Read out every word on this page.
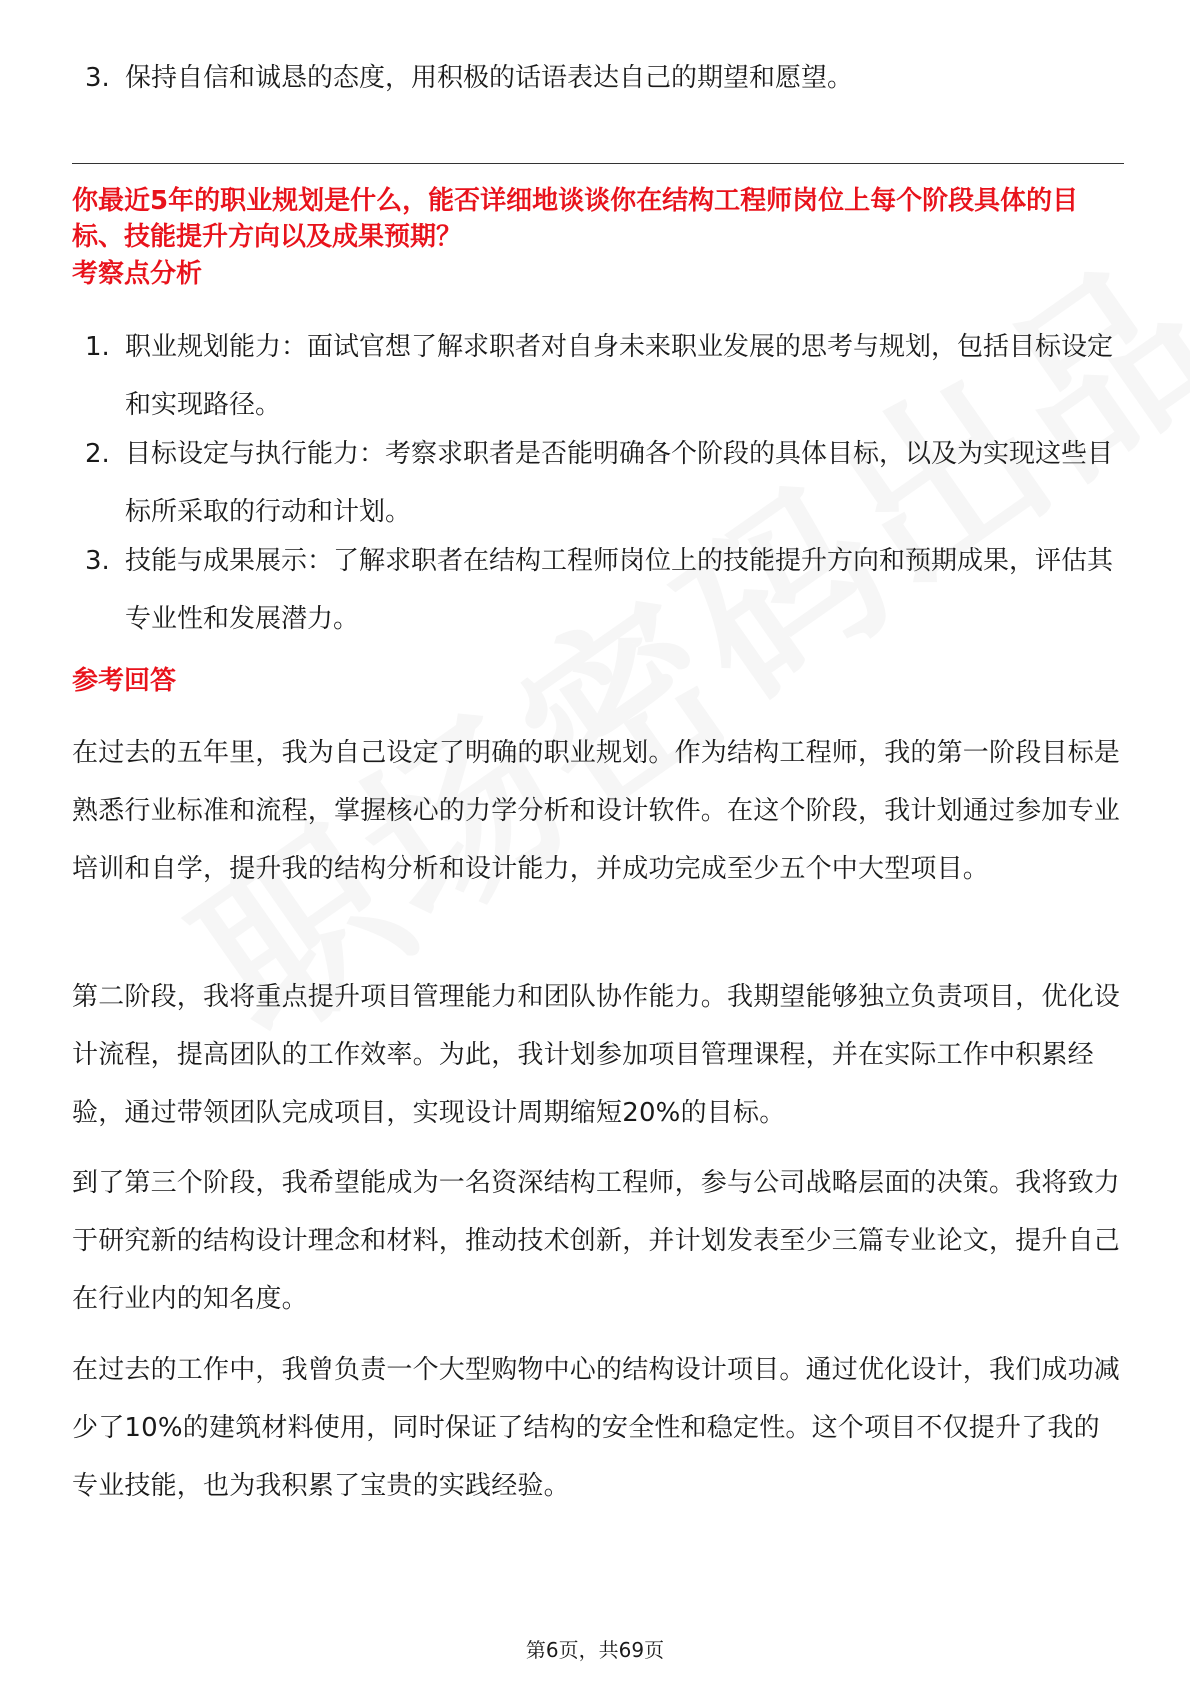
3. 保持自信和诚恳的态度，用积极的话语表达自己的期望和愿望。
你最近5年的职业规划是什么，能否详细地谈谈你在结构工程师岗位上每个阶段具体的目标、技能提升方向以及成果预期？
考察点分析
1. 职业规划能力：面试官想了解求职者对自身未来职业发展的思考与规划，包括目标设定和实现路径。
2. 目标设定与执行能力：考察求职者是否能明确各个阶段的具体目标，以及为实现这些目标所采取的行动和计划。
3. 技能与成果展示：了解求职者在结构工程师岗位上的技能提升方向和预期成果，评估其专业性和发展潜力。
参考回答
在过去的五年里，我为自己设定了明确的职业规划。作为结构工程师，我的第一阶段目标是熟悉行业标准和流程，掌握核心的力学分析和设计软件。在这个阶段，我计划通过参加专业培训和自学，提升我的结构分析和设计能力，并成功完成至少五个中大型项目。
第二阶段，我将重点提升项目管理能力和团队协作能力。我期望能够独立负责项目，优化设计流程，提高团队的工作效率。为此，我计划参加项目管理课程，并在实际工作中积累经验，通过带领团队完成项目，实现设计周期缩短20%的目标。
到了第三个阶段，我希望能成为一名资深结构工程师，参与公司战略层面的决策。我将致力于研究新的结构设计理念和材料，推动技术创新，并计划发表至少三篇专业论文，提升自己在行业内的知名度。
在过去的工作中，我曾负责一个大型购物中心的结构设计项目。通过优化设计，我们成功减少了10%的建筑材料使用，同时保证了结构的安全性和稳定性。这个项目不仅提升了我的专业技能，也为我积累了宝贵的实践经验。
第6页，共69页
